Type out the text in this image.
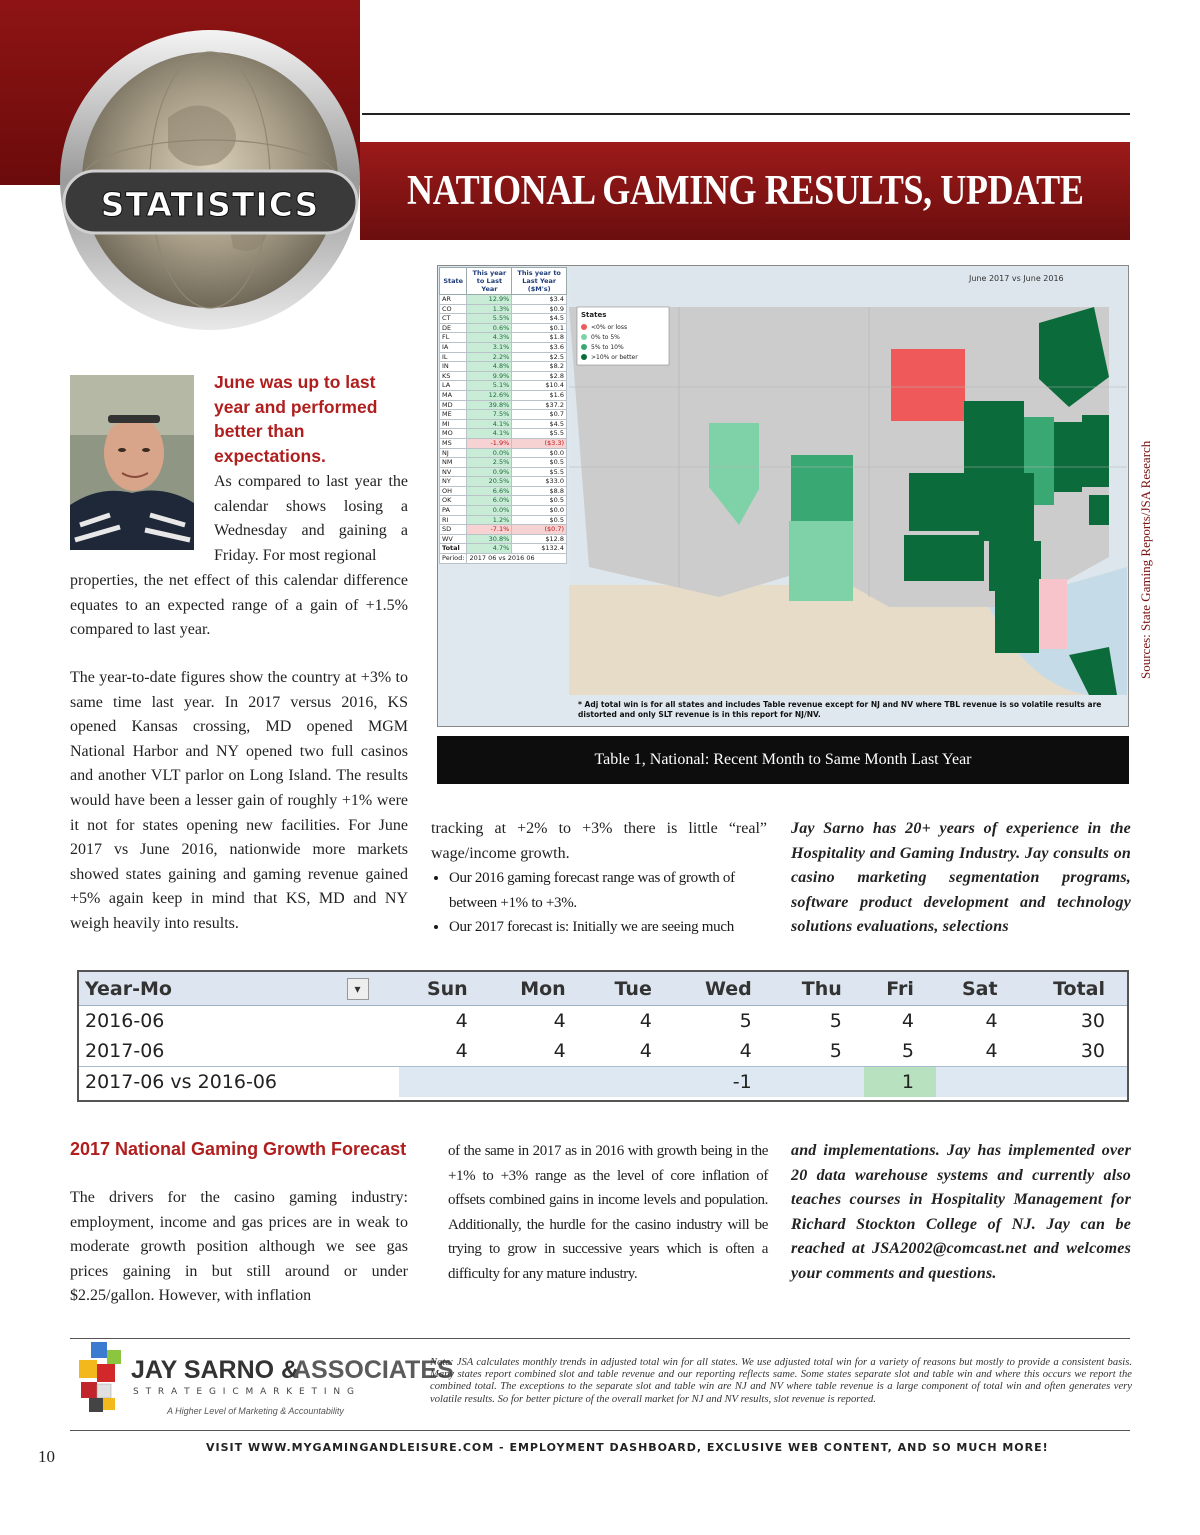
NATIONAL GAMING RESULTS, UPDATE
STATISTICS
Sources: State Gaming Reports/JSA Research
State	This year to Last Year	This year to Last Year ($M's)
AR	12.9%	$3.4
CO	1.3%	$0.9
CT	5.5%	$4.5
DE	0.6%	$0.1
FL	4.3%	$1.8
IA	3.1%	$3.6
IL	2.2%	$2.5
IN	4.8%	$8.2
KS	9.9%	$2.8
LA	5.1%	$10.4
MA	12.6%	$1.6
MD	39.8%	$37.2
ME	7.5%	$0.7
MI	4.1%	$4.5
MO	4.1%	$5.5
MS	-1.9%	($3.3)
NJ	0.0%	$0.0
NM	2.5%	$0.5
NV	0.9%	$5.5
NY	20.5%	$33.0
OH	6.6%	$8.8
OK	6.0%	$0.5
PA	0.0%	$0.0
RI	1.2%	$0.5
SD	-7.1%	($0.7)
WV	30.8%	$12.8
Total	4.7%	$132.4
Period:	2017 06 vs 2016 06	
June 2017 vs June 2016
States
<0% or loss
0% to 5%
5% to 10%
>10% or better
* Adj total win is for all states and includes Table revenue except for NJ and NV where TBL revenue is so volatile results are distorted and only SLT revenue is in this report for NJ/NV.
Table 1, National: Recent Month to Same Month Last Year
June was up to last year and performed better than expectations.

As compared to last year the calendar shows losing a Wednesday and gaining a Friday. For most regional

properties, the net effect of this calendar difference equates to an expected range of a gain of +1.5% compared to last year.

The year-to-date figures show the country at +3% to same time last year. In 2017 versus 2016, KS opened Kansas crossing, MD opened MGM National Harbor and NY opened two full casinos and another VLT parlor on Long Island. The results would have been a lesser gain of roughly +1% were it not for states opening new facilities. For June 2017 vs June 2016, nationwide more markets showed states gaining and gaming revenue gained +5% again keep in mind that KS, MD and NY weigh heavily into results.

tracking at +2% to +3% there is little “real” wage/income growth.

• Our 2016 gaming forecast range was of growth of between +1% to +3%.
• Our 2017 forecast is: Initially we are seeing much

Jay Sarno has 20+ years of experience in the Hospitality and Gaming Industry. Jay consults on casino marketing segmentation programs, software product development and technology solutions evaluations, selections

Year-Mo ▾	Sun	Mon	Tue	Wed	Thu	Fri	Sat	Total
2016-06	4	4	4	5	5	4	4	30
2017-06	4	4	4	4	5	5	4	30
2017-06 vs 2016-06				-1		1		
2017 National Gaming Growth Forecast

The drivers for the casino gaming industry: employment, income and gas prices are in weak to moderate growth position although we see gas prices gaining in but still around or under $2.25/gallon. However, with inflation

of the same in 2017 as in 2016 with growth being in the +1% to +3% range as the level of core inflation of offsets combined gains in income levels and population. Additionally, the hurdle for the casino industry will be trying to grow in successive years which is often a difficulty for any mature industry.

and implementations. Jay has implemented over 20 data warehouse systems and currently also teaches courses in Hospitality Management for Richard Stockton College of NJ. Jay can be reached at JSA2002@comcast.net and welcomes your comments and questions.

JAY SARNO &
ASSOCIATES
S T R A T E G I C M A R K E T I N G
A Higher Level of Marketing & Accountability

Note: JSA calculates monthly trends in adjusted total win for all states. We use adjusted total win for a variety of reasons but mostly to provide a consistent basis. Many states report combined slot and table revenue and our reporting reflects same. Some states separate slot and table win and where this occurs we report the combined total. The exceptions to the separate slot and table win are NJ and NV where table revenue is a large component of total win and often generates very volatile results. So for better picture of the overall market for NJ and NV results, slot revenue is reported.

10	VISIT WWW.MYGAMINGANDLEISURE.COM - EMPLOYMENT DASHBOARD, EXCLUSIVE WEB CONTENT, AND SO MUCH MORE!
